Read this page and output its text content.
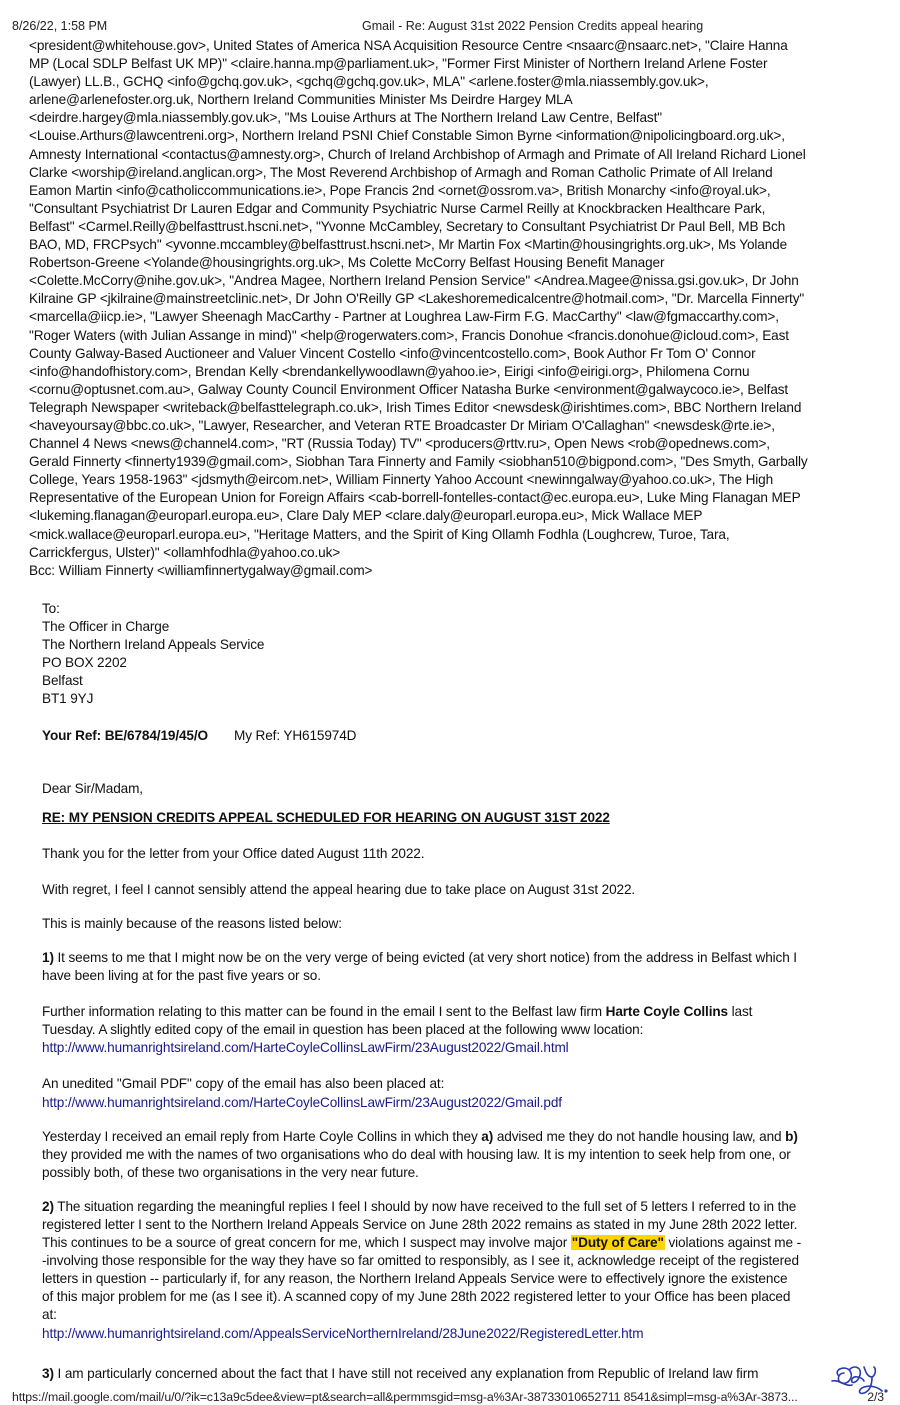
8/26/22, 1:58 PM	Gmail - Re: August 31st 2022 Pension Credits appeal hearing
<president@whitehouse.gov>, United States of America NSA Acquisition Resource Centre <nsaarc@nsaarc.net>, "Claire Hanna
MP (Local SDLP Belfast UK MP)" <claire.hanna.mp@parliament.uk>, "Former First Minister of Northern Ireland Arlene Foster
(Lawyer) LL.B., GCHQ <info@gchq.gov.uk>, <gchq@gchq.gov.uk>, MLA" <arlene.foster@mla.niassembly.gov.uk>,
arlene@arlenefoster.org.uk, Northern Ireland Communities Minister Ms Deirdre Hargey MLA
<deirdre.hargey@mla.niassembly.gov.uk>, "Ms Louise Arthurs at The Northern Ireland Law Centre, Belfast"
<Louise.Arthurs@lawcentreni.org>, Northern Ireland PSNI Chief Constable Simon Byrne <information@nipolicingboard.org.uk>,
Amnesty International <contactus@amnesty.org>, Church of Ireland Archbishop of Armagh and Primate of All Ireland Richard Lionel
Clarke <worship@ireland.anglican.org>, The Most Reverend Archbishop of Armagh and Roman Catholic Primate of All Ireland
Eamon Martin <info@catholiccommunications.ie>, Pope Francis 2nd <ornet@ossrom.va>, British Monarchy <info@royal.uk>,
"Consultant Psychiatrist Dr Lauren Edgar and Community Psychiatric Nurse Carmel Reilly at Knockbracken Healthcare Park,
Belfast" <Carmel.Reilly@belfasttrust.hscni.net>, "Yvonne McCambley, Secretary to Consultant Psychiatrist Dr Paul Bell, MB Bch
BAO, MD, FRCPsych" <yvonne.mccambley@belfasttrust.hscni.net>, Mr Martin Fox <Martin@housingrights.org.uk>, Ms Yolande
Robertson-Greene <Yolande@housingrights.org.uk>, Ms Colette McCorry Belfast Housing Benefit Manager
<Colette.McCorry@nihe.gov.uk>, "Andrea Magee, Northern Ireland Pension Service" <Andrea.Magee@nissa.gsi.gov.uk>, Dr John
Kilraine GP <jkilraine@mainstreetclinic.net>, Dr John O'Reilly GP <Lakeshoremedicalcentre@hotmail.com>, "Dr. Marcella Finnerty"
<marcella@iicp.ie>, "Lawyer Sheenagh MacCarthy - Partner at Loughrea Law-Firm F.G. MacCarthy" <law@fgmaccarthy.com>,
"Roger Waters (with Julian Assange in mind)" <help@rogerwaters.com>, Francis Donohue <francis.donohue@icloud.com>, East
County Galway-Based Auctioneer and Valuer Vincent Costello <info@vincentcostello.com>, Book Author Fr Tom O' Connor
<info@handofhistory.com>, Brendan Kelly <brendankellywoodlawn@yahoo.ie>, Eirigi <info@eirigi.org>, Philomena Cornu
<cornu@optusnet.com.au>, Galway County Council Environment Officer Natasha Burke <environment@galwaycoco.ie>, Belfast
Telegraph Newspaper <writeback@belfasttelegraph.co.uk>, Irish Times Editor <newsdesk@irishtimes.com>, BBC Northern Ireland
<haveyoursay@bbc.co.uk>, "Lawyer, Researcher, and Veteran RTE Broadcaster Dr Miriam O'Callaghan" <newsdesk@rte.ie>,
Channel 4 News <news@channel4.com>, "RT (Russia Today) TV" <producers@rttv.ru>, Open News <rob@opednews.com>,
Gerald Finnerty <finnerty1939@gmail.com>, Siobhan Tara Finnerty and Family <siobhan510@bigpond.com>, "Des Smyth, Garbally
College, Years 1958-1963" <jdsmyth@eircom.net>, William Finnerty Yahoo Account <newinngalway@yahoo.co.uk>, The High
Representative of the European Union for Foreign Affairs <cab-borrell-fontelles-contact@ec.europa.eu>, Luke Ming Flanagan MEP
<lukeming.flanagan@europarl.europa.eu>, Clare Daly MEP <clare.daly@europarl.europa.eu>, Mick Wallace MEP
<mick.wallace@europarl.europa.eu>, "Heritage Matters, and the Spirit of King Ollamh Fodhla (Loughcrew, Turoe, Tara,
Carrickfergus, Ulster)" <ollamhfodhla@yahoo.co.uk>
Bcc: William Finnerty <williamfinnertygalway@gmail.com>
To:
The Officer in Charge
The Northern Ireland Appeals Service
PO BOX 2202
Belfast
BT1 9YJ
Your Ref: BE/6784/19/45/O My Ref: YH615974D
Dear Sir/Madam,
RE: MY PENSION CREDITS APPEAL SCHEDULED FOR HEARING ON AUGUST 31ST 2022
Thank you for the letter from your Office dated August 11th 2022.
With regret, I feel I cannot sensibly attend the appeal hearing due to take place on August 31st 2022.
This is mainly because of the reasons listed below:
1) It seems to me that I might now be on the very verge of being evicted (at very short notice) from the address in Belfast which I
have been living at for the past five years or so.
Further information relating to this matter can be found in the email I sent to the Belfast law firm Harte Coyle Collins last
Tuesday. A slightly edited copy of the email in question has been placed at the following www location:
http://www.humanrightsireland.com/HarteCoyleCollinsLawFirm/23August2022/Gmail.html
An unedited "Gmail PDF" copy of the email has also been placed at:
http://www.humanrightsireland.com/HarteCoyleCollinsLawFirm/23August2022/Gmail.pdf
Yesterday I received an email reply from Harte Coyle Collins in which they a) advised me they do not handle housing law, and b)
they provided me with the names of two organisations who do deal with housing law. It is my intention to seek help from one, or
possibly both, of these two organisations in the very near future.
2) The situation regarding the meaningful replies I feel I should by now have received to the full set of 5 letters I referred to in the
registered letter I sent to the Northern Ireland Appeals Service on June 28th 2022 remains as stated in my June 28th 2022 letter.
This continues to be a source of great concern for me, which I suspect may involve major "Duty of Care" violations against me -
-involving those responsible for the way they have so far omitted to responsibly, as I see it, acknowledge receipt of the registered
letters in question -- particularly if, for any reason, the Northern Ireland Appeals Service were to effectively ignore the existence
of this major problem for me (as I see it). A scanned copy of my June 28th 2022 registered letter to your Office has been placed
at:
http://www.humanrightsireland.com/AppealsServiceNorthernIreland/28June2022/RegisteredLetter.htm
3) I am particularly concerned about the fact that I have still not received any explanation from Republic of Ireland law firm
https://mail.google.com/mail/u/0/?ik=c13a9c5dee&view=pt&search=all&permmsgid=msg-a%3Ar-38733010652711 8541&simpl=msg-a%3Ar-3873...	2/3
